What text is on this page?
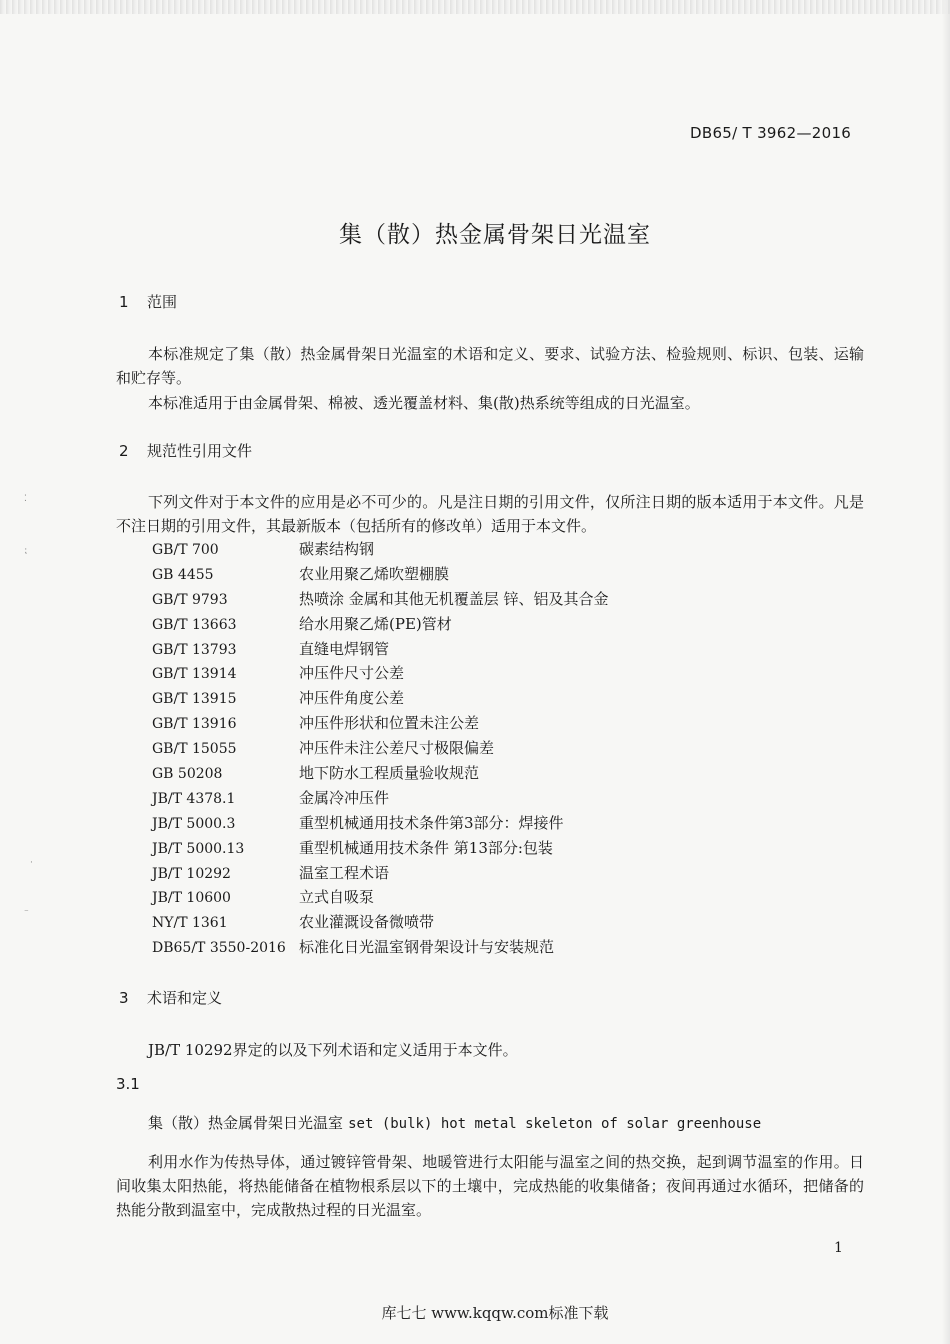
⁚
⁏
·
⁻
DB65/ T 3962—2016
集（散）热金属骨架日光温室
1 范围
本标准规定了集（散）热金属骨架日光温室的术语和定义、要求、试验方法、检验规则、标识、包装、运输和贮存等。
本标准适用于由金属骨架、棉被、透光覆盖材料、集(散)热系统等组成的日光温室。
2 规范性引用文件
下列文件对于本文件的应用是必不可少的。凡是注日期的引用文件，仅所注日期的版本适用于本文件。凡是不注日期的引用文件，其最新版本（包括所有的修改单）适用于本文件。
GB/T 700	碳素结构钢
GB 4455	农业用聚乙烯吹塑棚膜
GB/T 9793	热喷涂 金属和其他无机覆盖层 锌、铝及其合金
GB/T 13663	给水用聚乙烯(PE)管材
GB/T 13793	直缝电焊钢管
GB/T 13914	冲压件尺寸公差
GB/T 13915	冲压件角度公差
GB/T 13916	冲压件形状和位置未注公差
GB/T 15055	冲压件未注公差尺寸极限偏差
GB 50208	地下防水工程质量验收规范
JB/T 4378.1	金属冷冲压件
JB/T 5000.3	重型机械通用技术条件第3部分：焊接件
JB/T 5000.13	重型机械通用技术条件 第13部分:包装
JB/T 10292	温室工程术语
JB/T 10600	立式自吸泵
NY/T 1361	农业灌溉设备微喷带
DB65/T 3550-2016 标准化日光温室钢骨架设计与安装规范
3 术语和定义
JB/T 10292界定的以及下列术语和定义适用于本文件。
3.1
集（散）热金属骨架日光温室 set (bulk) hot metal skeleton of solar greenhouse
利用水作为传热导体，通过镀锌管骨架、地暖管进行太阳能与温室之间的热交换，起到调节温室的作用。日间收集太阳热能，将热能储备在植物根系层以下的土壤中，完成热能的收集储备；夜间再通过水循环，把储备的热能分散到温室中，完成散热过程的日光温室。
1
库七七 www.kqqw.com标准下载
